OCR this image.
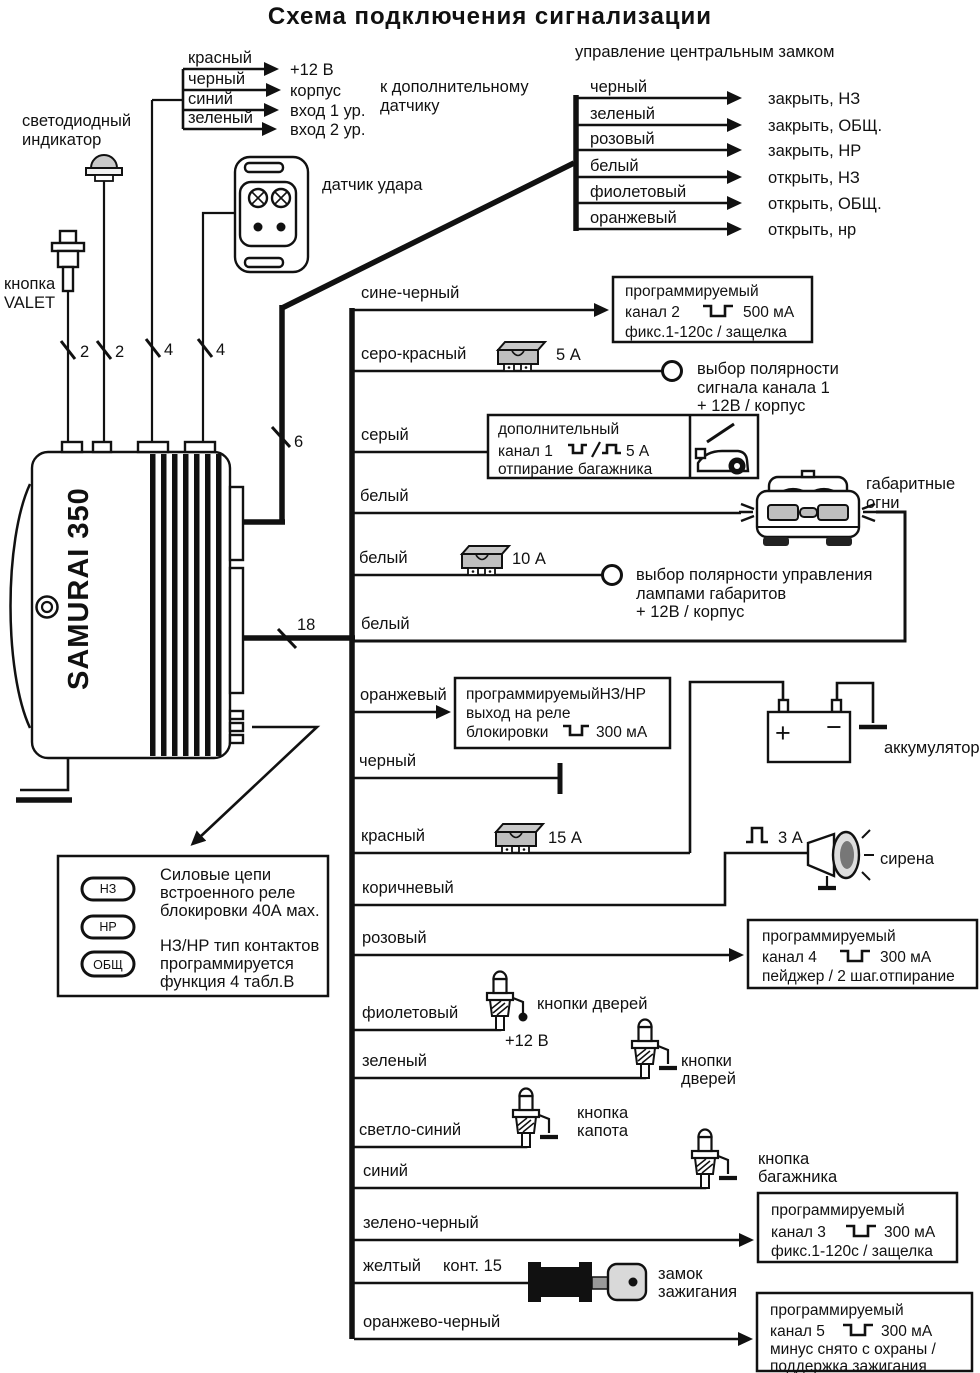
Схема подключения сигнализации
светодиодный
индикатор
кнопка
VALET
красный
черный
синий
зеленый
+12 В
корпус
вход 1 ур.
вход 2 ур.
к дополнительному
датчику
датчик удара
управление центральным замком
черный
зеленый
розовый
белый
фиолетовый
оранжевый
закрыть, НЗ
закрыть, ОБЩ.
закрыть, НР
открыть, НЗ
открыть, ОБЩ.
открыть, нр
6
2 2 4	4
SAMURAI 350	18
сине-черный	программируемый
канал 2	500 мА
фикс.1-120с / защелка
серо-красный	5 А
выбор полярности
сигнала канала 1
+ 12В / корпус
серый	дополнительный
канал 1	5 А
отпирание багажника
белый
габаритные
огни
белый	10 А
выбор полярности управления
лампами габаритов
+ 12В / корпус
белый
оранжевый программируемыйНЗ/НР
выход на реле
блокировки	300 мА
черный
красный	15 А
+ −
аккумулятор
коричневый
3 А
сирена
розовый	программируемый
канал 4	300 мА
пейджер / 2 шаг.отпирание
фиолетовый	кнопки дверей
+12 В
зеленый	кнопки
дверей
светло-синий
кнопка
капота
синий
кнопка
багажника
зелено-черный
программируемый
канал 3	300 мА
фикс.1-120с / защелка
желтый конт. 15	замок
зажигания
оранжево-черный
программируемый
канал 5	300 мА
минус снято с охраны /
поддержка зажигания
НЗ
НР
ОБЩ
Силовые цепи
встроенного реле
блокировки 40А мах.
НЗ/НР тип контактов
программируется
функция 4 табл.В
